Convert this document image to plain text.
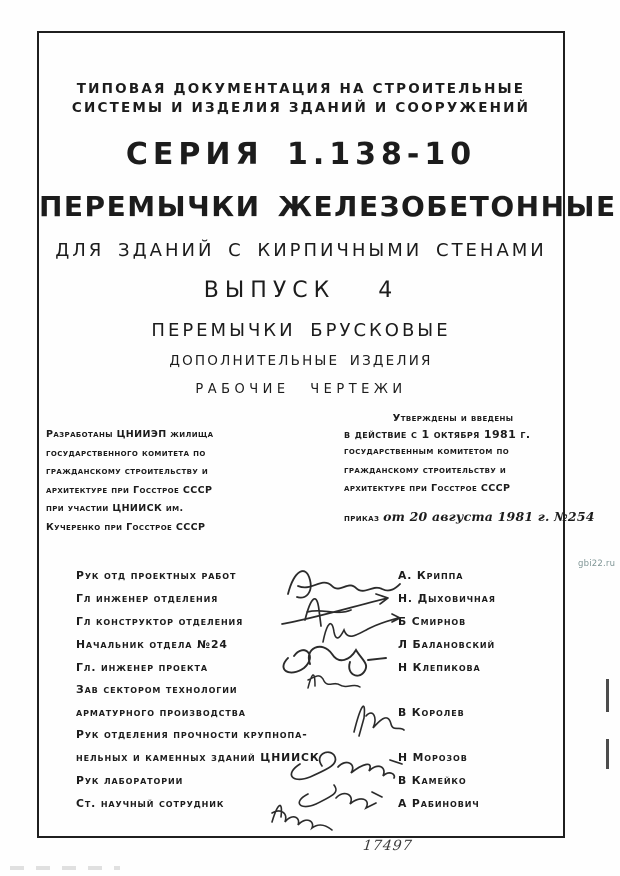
ТИПОВАЯ ДОКУМЕНТАЦИЯ НА СТРОИТЕЛЬНЫЕ
СИСТЕМЫ И ИЗДЕЛИЯ ЗДАНИЙ И СООРУЖЕНИЙ
СЕРИЯ 1.138-10
ПЕРЕМЫЧКИ ЖЕЛЕЗОБЕТОННЫЕ
ДЛЯ ЗДАНИЙ С КИРПИЧНЫМИ СТЕНАМИ
ВЫПУСК 4
ПЕРЕМЫЧКИ БРУСКОВЫЕ
ДОПОЛНИТЕЛЬНЫЕ ИЗДЕЛИЯ
РАБОЧИЕ ЧЕРТЕЖИ
Разработаны ЦНИИЭП жилища
государственного комитета по
гражданскому строительству и
архитектуре при Госстрое СССР
при участии ЦНИИСК им.
Кучеренко при Госстрое СССР
Утверждены и введены
в действие с 1 октября 1981 г.
государственным комитетом по
гражданскому строительству и
архитектуре при Госстрое СССР
приказ от 20 августа 1981 г. №254
Рук отд проектных работ	А. Криппа
Гл инженер отделения	Н. Дыховичная
Гл конструктор отделения	Б Смирнов
Начальник отдела №24	Л Балановский
Гл. инженер проекта	Н Клепикова
Зав сектором технологии
арматурного производства	В Королев
Рук отделения прочности крупнопа-
нельных и каменных зданий ЦНИИСК	Н Морозов
Рук лаборатории	В Камейко
Ст. научный сотрудник	А Рабинович
gbi22.ru
17497
